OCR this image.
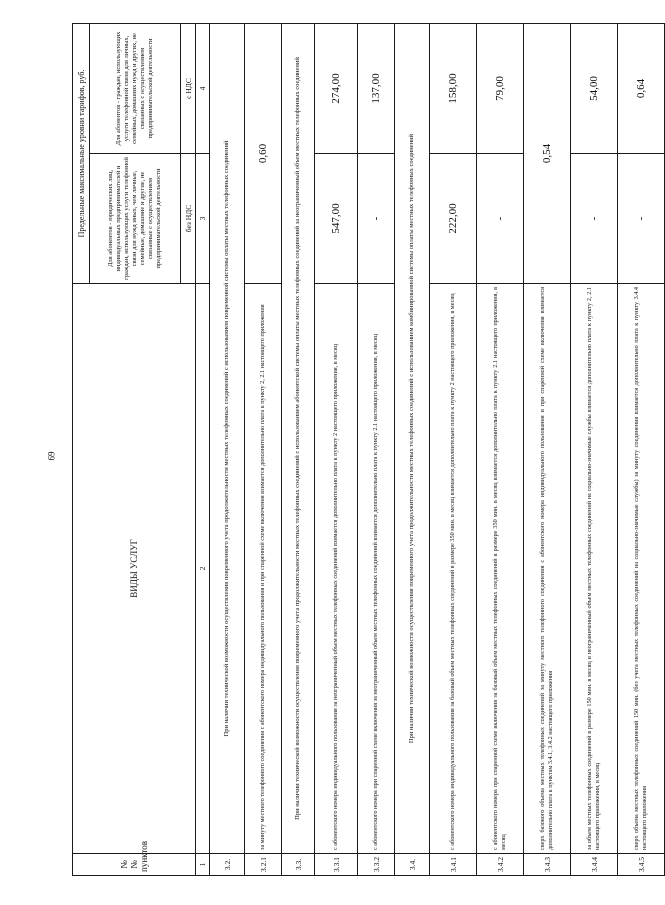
69
№№ пунктов	ВИДЫ УСЛУГ	Предельные максимальные уровни тарифов, руб.	
		Для абонентов - юридических лиц, индивидуальных предпринимателей и граждан, использующих услуги телефонной связи для нужд иных, чем личные, семейные, домашние и другие, не связанные с осуществлением предпринимательской деятельности	Для абонентов - граждан, использующих услуги телефонной связи для личных, семейных, домашних нужд и других, не связанных с осуществлением предпринимательской деятельности
		без НДС	с НДС
1	2	3	4
3.2.	При наличии технической возможности осуществления повременного учета продолжительности местных телефонных соединений с использованием повременной системы оплаты местных телефонных соединений		
3.2.1	за минуту местного телефонного соединения с абонентского номера индивидуального пользования и при спаренной схеме включения взимается дополнительно плата к пункту 2, 2.1 настоящего приложения	0,60	
3.3.	При наличии технической возможности осуществления повременного учета продолжительности местных телефонных соединений с использованием абонентской системы оплаты местных телефонных соединений за неограниченный объем местных телефонных соединений		
3.3.1	с абонентского номера индивидуального пользования за неограниченный объем местных телефонных соединений взимается дополнительно плата к пункту 2 настоящего приложения, в месяц	547,00	274,00
3.3.2	с абонентского номера при спаренной схеме включения за неограниченный объем местных телефонных соединений взимается дополнительно плата к пункту 2.1 настоящего приложения, в месяц	-	137,00
3.4.	При наличии технической возможности осуществления повременного учета продолжительности местных телефонных соединений с использованием комбинированной системы оплаты местных телефонных соединений		
3.4.1	с абонентского номера индивидуального пользования за базовый объем местных телефонных соединений в размере 350 мин. в месяц взимается дополнительно плата к пункту 2 настоящего приложения, в месяц	222,00	158,00
3.4.2	с абонентского номера при спаренной схеме включения за базовый объем местных телефонных соединений в размере 350 мин. в месяц взимается дополнительно плата к пункту 2.1 настоящего приложения, в месяц	-	79,00
3.4.3	сверх базового объема местных телефонных соединений за минуту местного телефонного соединения с абонентского номера индивидуального пользования и при спаренной схеме включения взимается дополнительно плата к пунктам 3.4.1, 3.4.2 настоящего приложения	0,54	
3.4.4	за объем местных телефонных соединений в размере 150 мин. в месяц и неограниченный объем местных телефонных соединений на социально-значимые службы взимается дополнительно плата к пункту 2, 2.1 настоящего приложения, в месяц	-	54,00
3.4.5	сверх объема местных телефонных соединений 150 мин. (без учета местных телефонных соединений на социально-значимые службы) за минуту соединения взимается дополнительно плата к пункту 3.4.4 настоящего приложения	-	0,64
